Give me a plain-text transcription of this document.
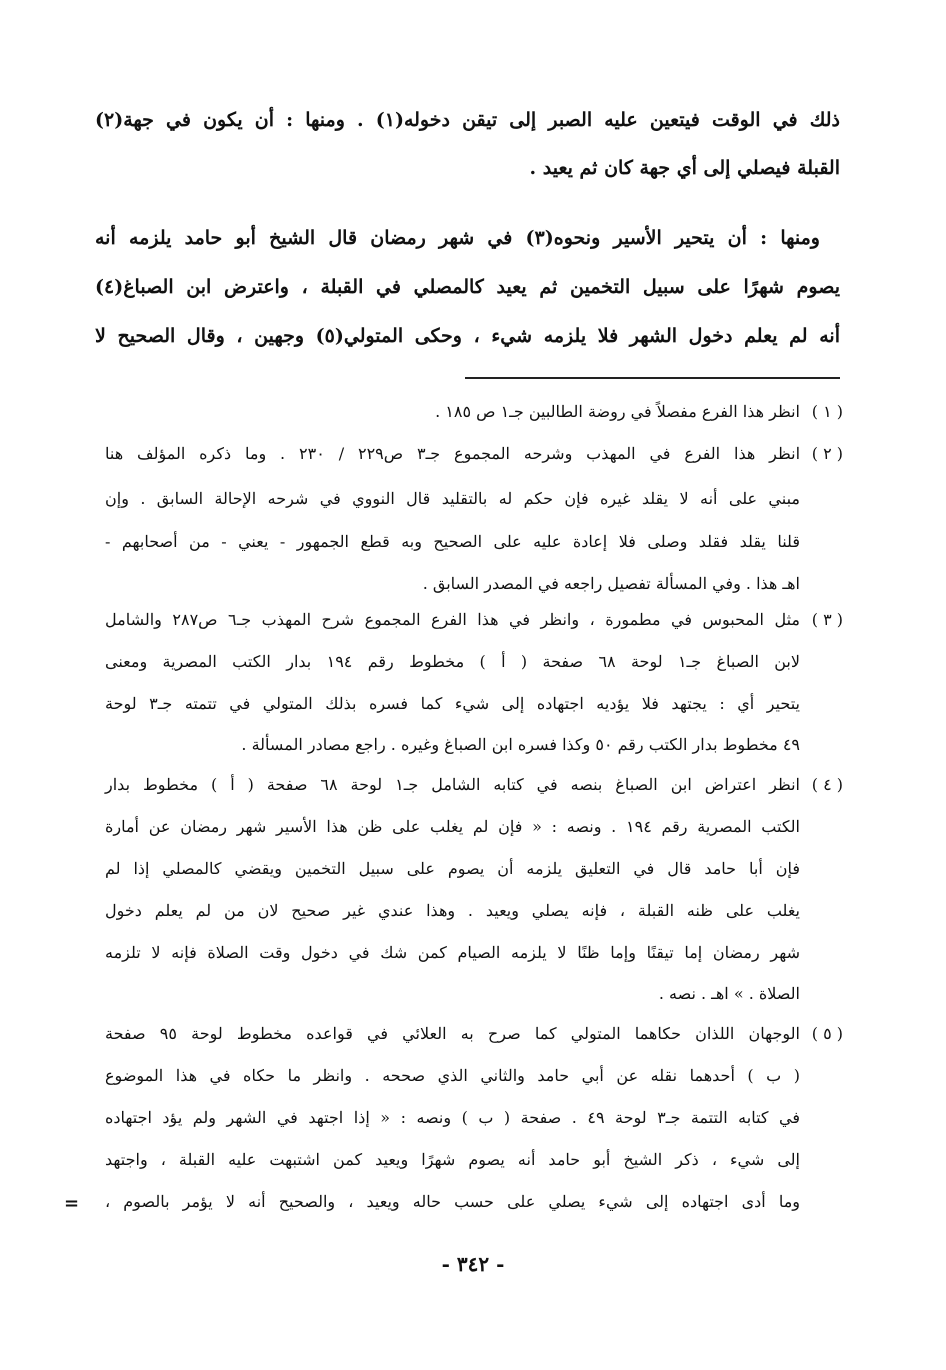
ذلك في الوقت فيتعين عليه الصبر إلى تيقن دخوله(١) . ومنها : أن يكون في جهة(٢)
القبلة فيصلي إلى أي جهة كان ثم يعيد .
ومنها : أن يتحير الأسير ونحوه(٣) في شهر رمضان قال الشيخ أبو حامد يلزمه أنه
يصوم شهرًا على سبيل التخمين ثم يعيد كالمصلي في القبلة ، واعترض ابن الصباغ(٤)
أنه لم يعلم دخول الشهر فلا يلزمه شيء ، وحكى المتولي(٥) وجهين ، وقال الصحيح لا
( ١ )
انظر هذا الفرع مفصلاً في روضة الطالبين جـ١ ص ١٨٥ .
( ٢ )
انظر هذا الفرع في المهذب وشرحه المجموع جـ٣ ص٢٢٩ / ٢٣٠ . وما ذكره المؤلف هنا
مبني على أنه لا يقلد غيره فإن حكم له بالتقليد قال النووي في شرحه الإحالة السابق . وإن
قلنا يقلد فقلد وصلى فلا إعادة عليه على الصحيح وبه قطع الجمهور - يعني - من أصحابهم -
اهـ هذا . وفي المسألة تفصيل راجعه في المصدر السابق .
( ٣ )
مثل المحبوس في مطمورة ، وانظر في هذا الفرع المجموع شرح المهذب جـ٦ ص٢٨٧ والشامل
لابن الصباغ جـ١ لوحة ٦٨ صفحة ( أ ) مخطوط رقم ١٩٤ بدار الكتب المصرية ومعنى
يتحير أي : يجتهد فلا يؤديه اجتهاده إلى شيء كما فسره بذلك المتولي في تتمته جـ٣ لوحة
٤٩ مخطوط بدار الكتب رقم ٥٠ وكذا فسره ابن الصباغ وغيره . راجع مصادر المسألة .
( ٤ )
انظر اعتراض ابن الصباغ بنصه في كتابه الشامل جـ١ لوحة ٦٨ صفحة ( أ ) مخطوط بدار
الكتب المصرية رقم ١٩٤ . ونصه : « فإن لم يغلب على ظن هذا الأسير شهر رمضان عن أمارة
فإن أبا حامد قال في التعليق يلزمه أن يصوم على سبيل التخمين ويقضي كالمصلي إذا لم
يغلب على ظنه القبلة ، فإنه يصلي ويعيد . وهذا عندي غير صحيح لان من لم يعلم دخول
شهر رمضان إما تيقنًا وإما ظنًا لا يلزمه الصيام كمن شك في دخول وقت الصلاة فإنه لا تلزمه
الصلاة . » اهـ . نصه .
( ٥ )
الوجهان اللذان حكاهما المتولي كما صرح به العلائي في قواعده مخطوط لوحة ٩٥ صفحة
( ب ) أحدهما نقله عن أبي حامد والثاني الذي صححه . وانظر ما حكاه في هذا الموضوع
في كتابه التتمة جـ٣ لوحة ٤٩ . صفحة ( ب ) ونصه : « إذا اجتهد في الشهر ولم يؤد اجتهاده
إلى شيء ، ذكر الشيخ أبو حامد أنه يصوم شهرًا ويعيد كمن اشتبهت عليه القبلة ، واجتهد
وما أدى اجتهاده إلى شيء يصلي على حسب حاله ويعيد ، والصحيح أنه لا يؤمر بالصوم ،
=
- ٣٤٢ -
